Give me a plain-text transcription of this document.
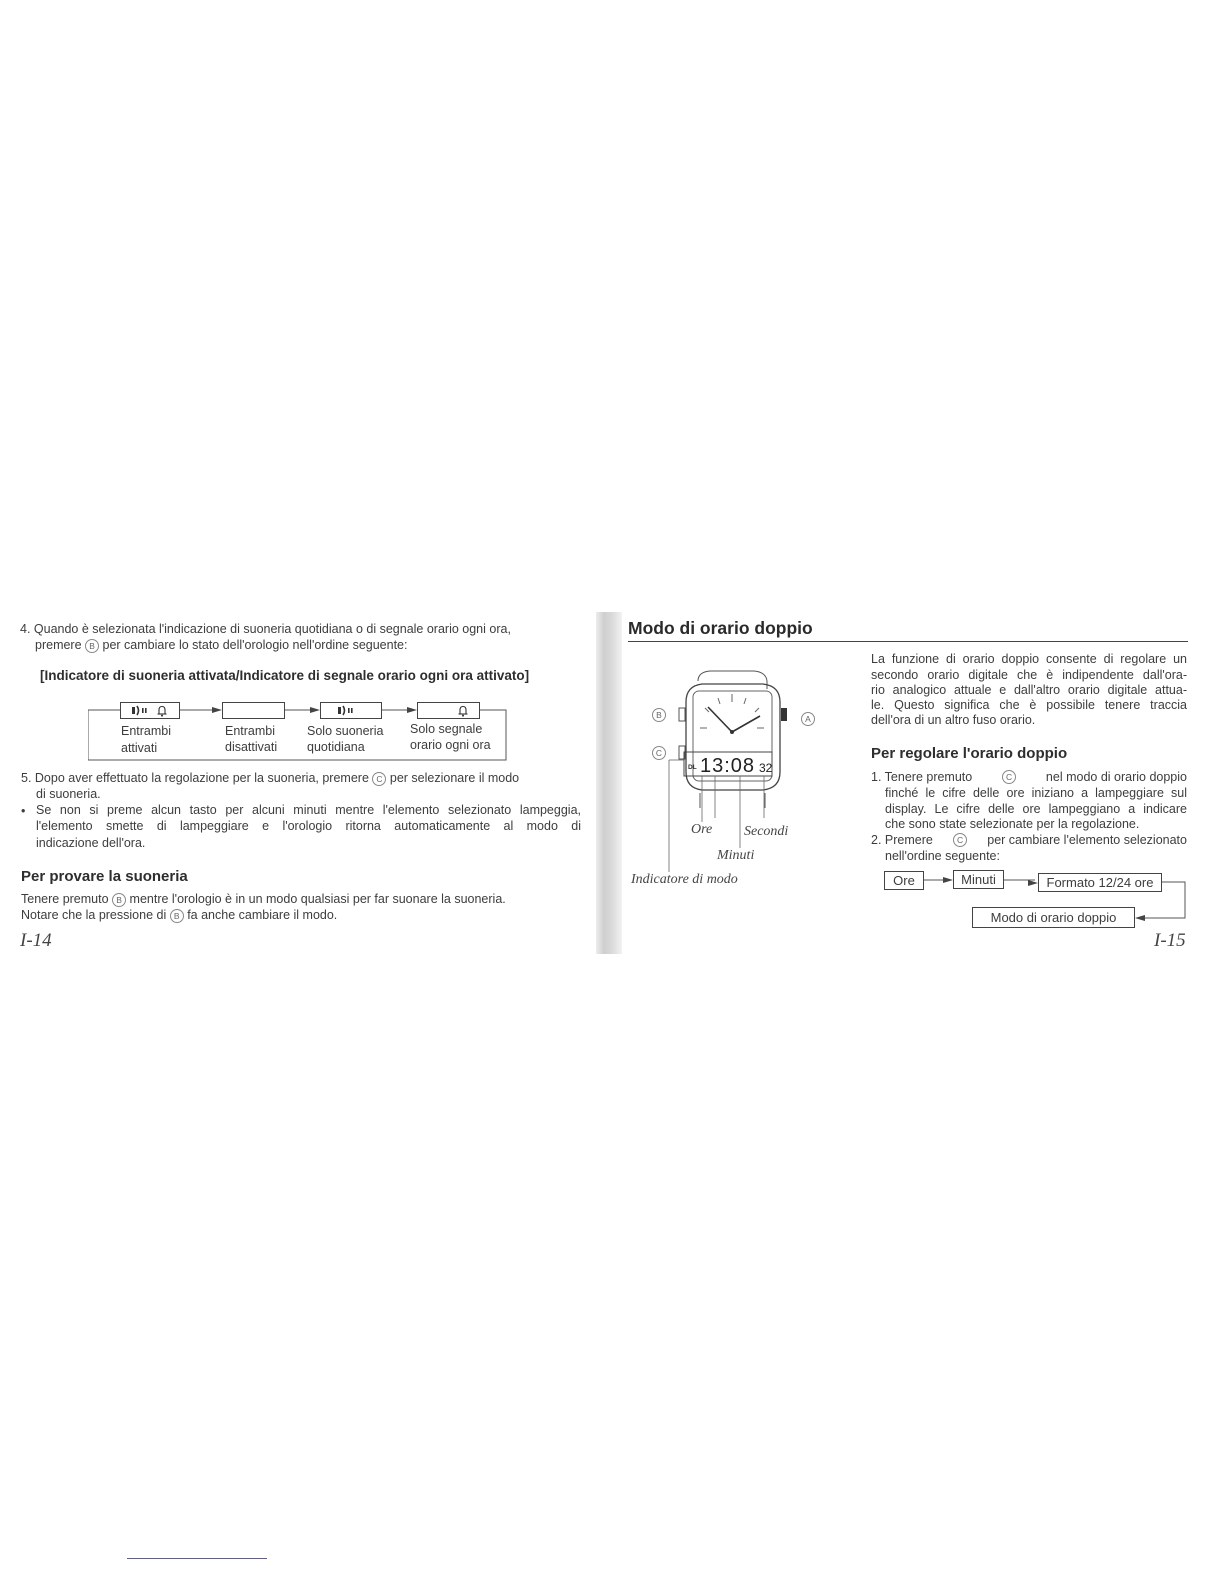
4. Quando è selezionata l'indicazione di suoneria quotidiana o di segnale orario ogni ora,
premere B per cambiare lo stato dell'orologio nell'ordine seguente:
[Indicatore di suoneria attivata/Indicatore di segnale orario ogni ora attivato]
Entrambi
attivati
Entrambi
disattivati
Solo suoneria
quotidiana
Solo segnale
orario ogni ora
5. Dopo aver effettuato la regolazione per la suoneria, premere C per selezionare il modo
di suoneria.
• Se non si preme alcun tasto per alcuni minuti mentre l'elemento selezionato lampeggia,
l'elemento smette di lampeggiare e l'orologio ritorna automaticamente al modo di
indicazione dell'ora.
Per provare la suoneria
Tenere premuto B mentre l'orologio è in un modo qualsiasi per far suonare la suoneria.
Notare che la pressione di B fa anche cambiare il modo.
I-14
Modo di orario doppio
DL 13:08 32
B
C
A
Ore Secondi
Minuti
Indicatore di modo
La funzione di orario doppio consente di regolare un
secondo orario digitale che è indipendente dall'ora-
rio analogico attuale e dall'altro orario digitale attua-
le. Questo significa che è possibile tenere traccia
dell'ora di un altro fuso orario.
Per regolare l'orario doppio
1. Tenere premuto	C	nel modo di orario doppio
finché le cifre delle ore iniziano a lampeggiare sul
display. Le cifre delle ore lampeggiano a indicare
che sono state selezionate per la regolazione.
2. Premere	C	per cambiare l'elemento selezionato
nell'ordine seguente:
Ore	Minuti	Formato 12/24 ore
Modo di orario doppio
I-15
